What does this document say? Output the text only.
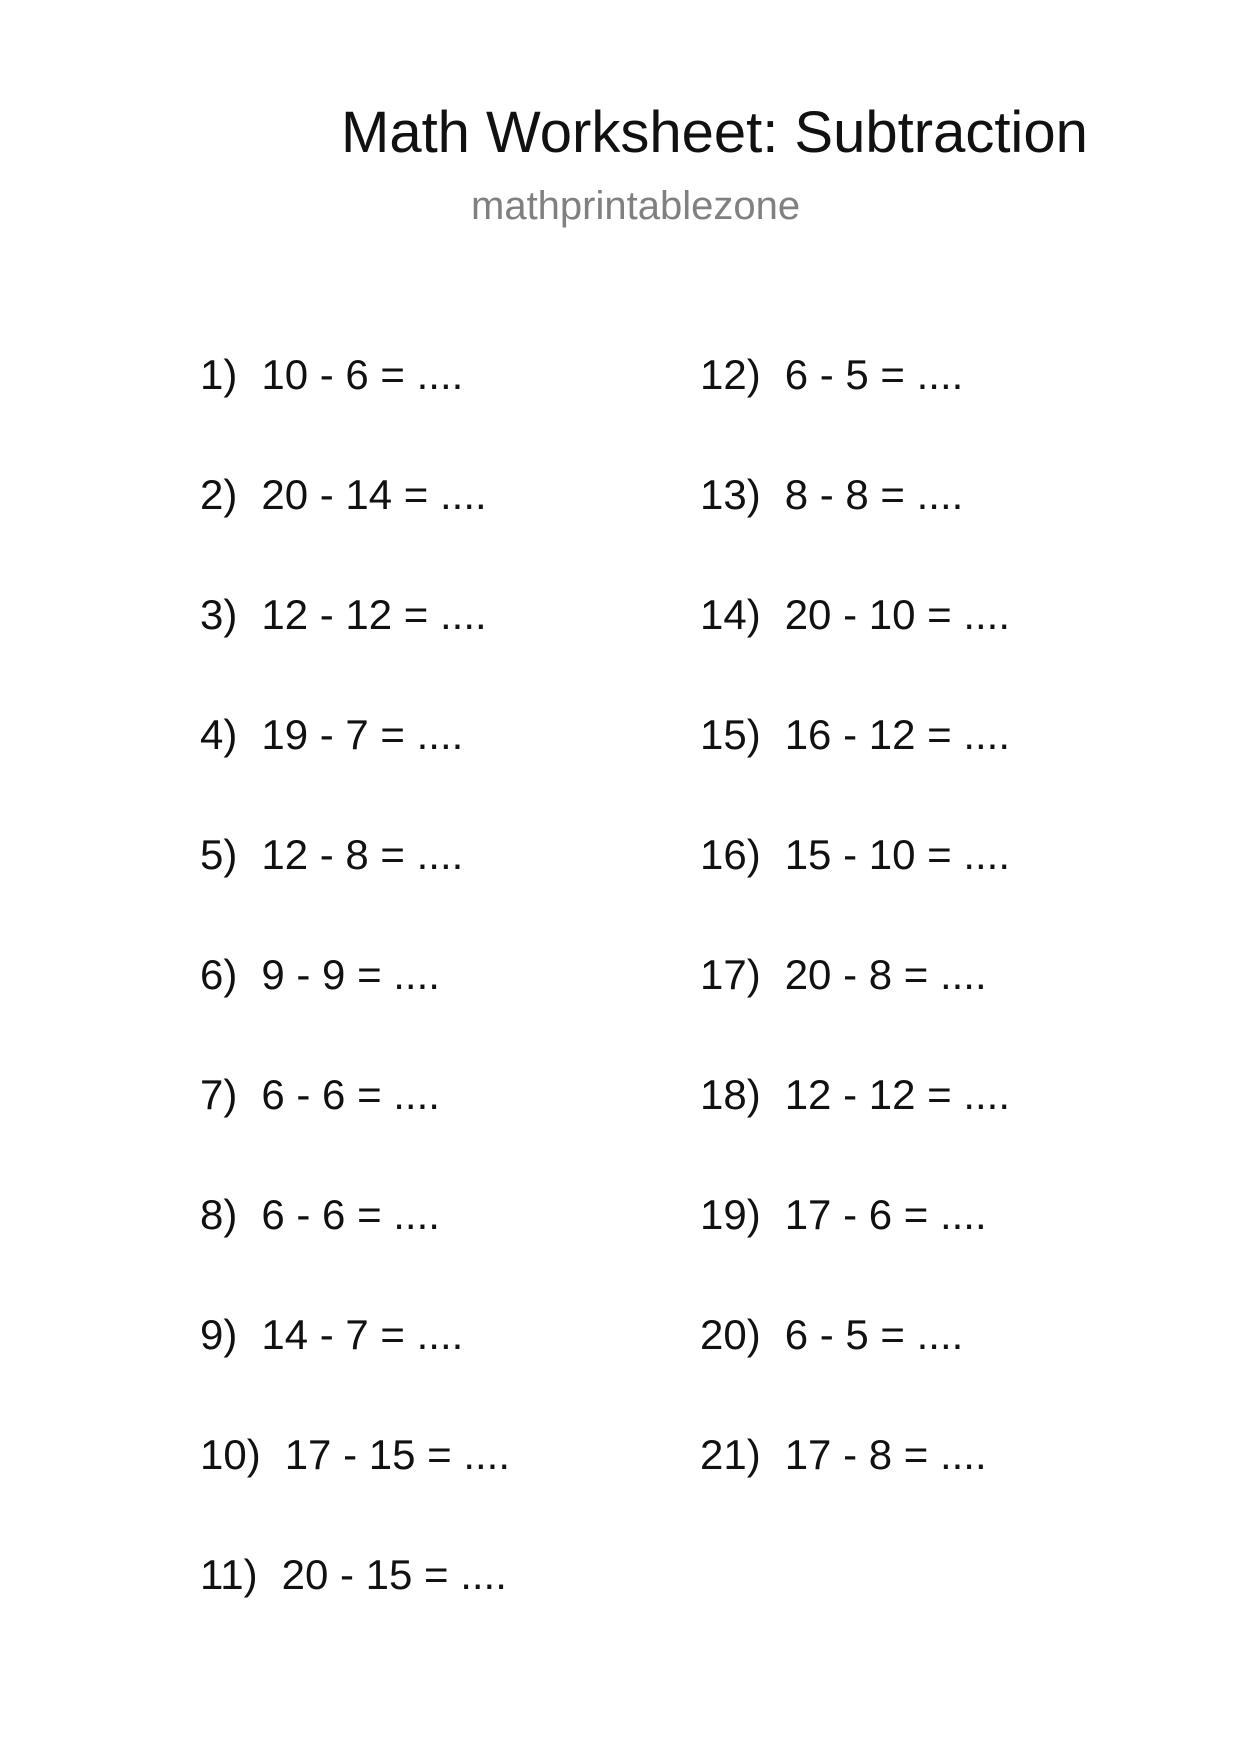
Math Worksheet: Subtraction
mathprintablezone
1) 10 - 6 = ....
2) 20 - 14 = ....
3) 12 - 12 = ....
4) 19 - 7 = ....
5) 12 - 8 = ....
6) 9 - 9 = ....
7) 6 - 6 = ....
8) 6 - 6 = ....
9) 14 - 7 = ....
10) 17 - 15 = ....
11) 20 - 15 = ....
12) 6 - 5 = ....
13) 8 - 8 = ....
14) 20 - 10 = ....
15) 16 - 12 = ....
16) 15 - 10 = ....
17) 20 - 8 = ....
18) 12 - 12 = ....
19) 17 - 6 = ....
20) 6 - 5 = ....
21) 17 - 8 = ....
